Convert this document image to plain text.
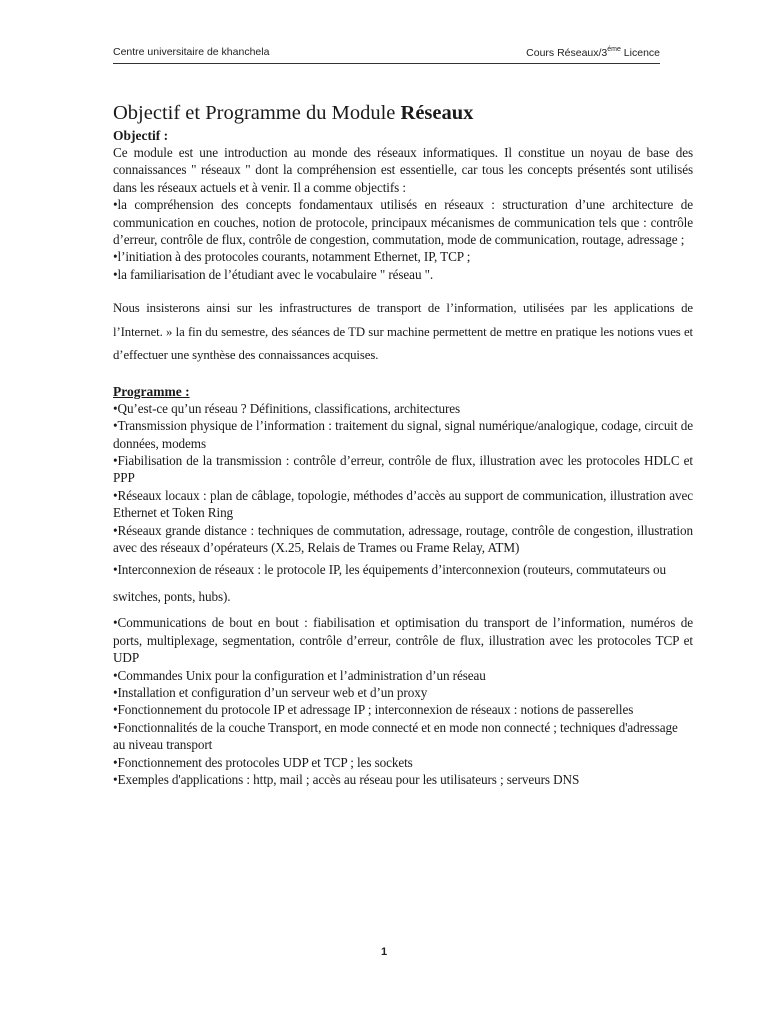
Centre universitaire de khanchela	Cours Réseaux/$3^{éme}$ Licence
Objectif et Programme du Module Réseaux
Objectif :

Ce module est une introduction au monde des réseaux informatiques. Il constitue un noyau de base des connaissances " réseaux " dont la compréhension est essentielle, car tous les concepts présentés sont utilisés dans les réseaux actuels et à venir. Il a comme objectifs :

•la compréhension des concepts fondamentaux utilisés en réseaux : structuration d’une architecture de communication en couches, notion de protocole, principaux mécanismes de communication tels que : contrôle d’erreur, contrôle de flux, contrôle de congestion, commutation, mode de communication, routage, adressage ;
•l’initiation à des protocoles courants, notamment Ethernet, IP, TCP ;
•la familiarisation de l’étudiant avec le vocabulaire " réseau ".

Nous insisterons ainsi sur les infrastructures de transport de l’information, utilisées par les applications de l’Internet. » la fin du semestre, des séances de TD sur machine permettent de mettre en pratique les notions vues et d’effectuer une synthèse des connaissances acquises.

Programme :
•Qu’est-ce qu’un réseau ? Définitions, classifications, architectures
•Transmission physique de l’information : traitement du signal, signal numérique/analogique, codage, circuit de données, modems
•Fiabilisation de la transmission : contrôle d’erreur, contrôle de flux, illustration avec les protocoles HDLC et PPP
•Réseaux locaux : plan de câblage, topologie, méthodes d’accès au support de communication, illustration avec Ethernet et Token Ring
•Réseaux grande distance : techniques de commutation, adressage, routage, contrôle de congestion, illustration avec des réseaux d’opérateurs (X.25, Relais de Trames ou Frame Relay, ATM)
•Interconnexion de réseaux : le protocole IP, les équipements d’interconnexion (routeurs, commutateurs ou switches, ponts, hubs).
•Communications de bout en bout : fiabilisation et optimisation du transport de l’information, numéros de ports, multiplexage, segmentation, contrôle d’erreur, contrôle de flux, illustration avec les protocoles TCP et UDP
•Commandes Unix pour la configuration et l’administration d’un réseau
•Installation et configuration d’un serveur web et d’un proxy
•Fonctionnement du protocole IP et adressage IP ; interconnexion de réseaux : notions de passerelles
•Fonctionnalités de la couche Transport, en mode connecté et en mode non connecté ; techniques d'adressage au niveau transport
•Fonctionnement des protocoles UDP et TCP ; les sockets
•Exemples d'applications : http, mail ; accès au réseau pour les utilisateurs ; serveurs DNS
1
